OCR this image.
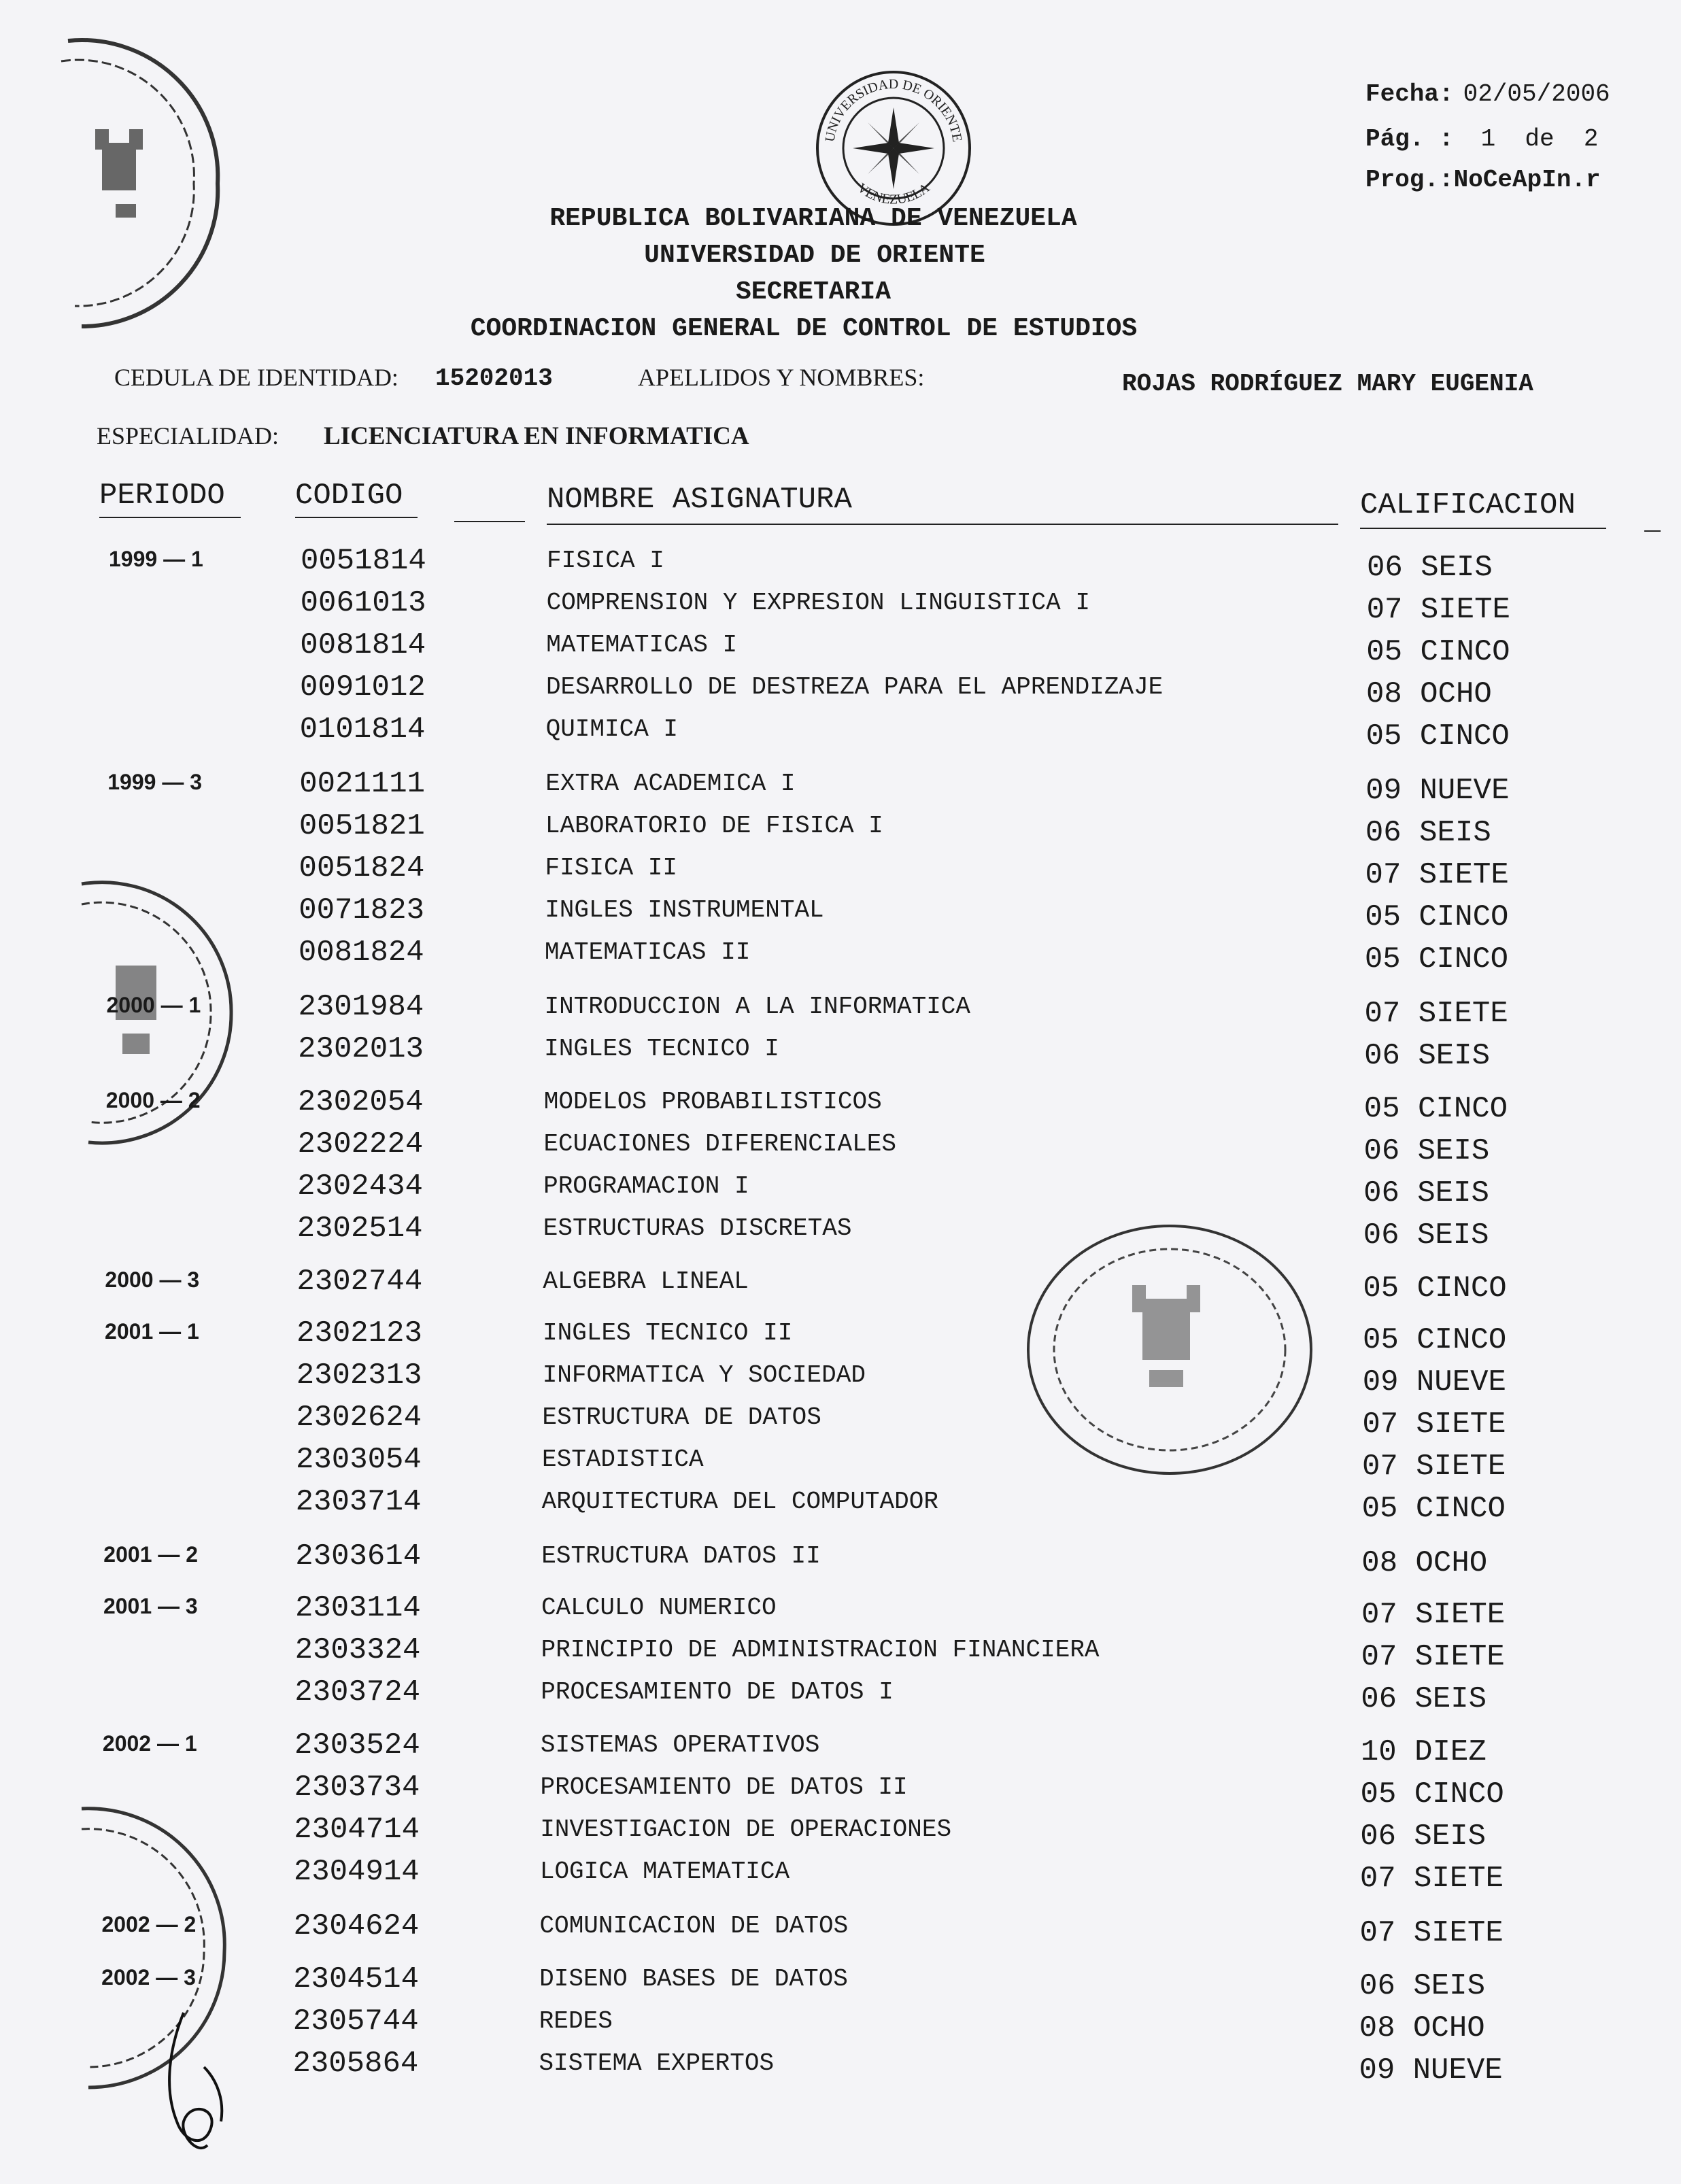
UNIVERSIDAD DE ORIENTE
VENEZUELA
Fecha: 02/05/2006
Pág. : 1  de  2
Prog.:NoCeApIn.r
REPUBLICA BOLIVARIANA DE VENEZUELA
UNIVERSIDAD DE ORIENTE
SECRETARIA
COORDINACION GENERAL DE CONTROL DE ESTUDIOS
CEDULA DE IDENTIDAD: 15202013	APELLIDOS Y NOMBRES:	ROJAS RODRÍGUEZ MARY EUGENIA
ESPECIALIDAD: LICENCIATURA EN INFORMATICA
PERIODO CODIGO	NOMBRE ASIGNATURA	CALIFICACION
1999 — 1	0051814	FISICA I	06 SEIS
0061013	COMPRENSION Y EXPRESION LINGUISTICA I	07 SIETE
0081814	MATEMATICAS I	05 CINCO
0091012	DESARROLLO DE DESTREZA PARA EL APRENDIZAJE	08 OCHO
0101814	QUIMICA I	05 CINCO
1999 — 3	0021111	EXTRA ACADEMICA I	09 NUEVE
0051821	LABORATORIO DE FISICA I	06 SEIS
0051824	FISICA II	07 SIETE
0071823	INGLES INSTRUMENTAL	05 CINCO
0081824	MATEMATICAS II	05 CINCO
2000 — 1	2301984	INTRODUCCION A LA INFORMATICA	07 SIETE
2302013	INGLES TECNICO I	06 SEIS
2000 — 2	2302054	MODELOS PROBABILISTICOS	05 CINCO
2302224	ECUACIONES DIFERENCIALES	06 SEIS
2302434	PROGRAMACION I	06 SEIS
2302514	ESTRUCTURAS DISCRETAS	06 SEIS
2000 — 3	2302744	ALGEBRA LINEAL	05 CINCO
2001 — 1	2302123	INGLES TECNICO II	05 CINCO
2302313	INFORMATICA Y SOCIEDAD	09 NUEVE
2302624	ESTRUCTURA DE DATOS	07 SIETE
2303054	ESTADISTICA	07 SIETE
2303714	ARQUITECTURA DEL COMPUTADOR	05 CINCO
2001 — 2	2303614	ESTRUCTURA DATOS II	08 OCHO
2001 — 3	2303114	CALCULO NUMERICO	07 SIETE
2303324	PRINCIPIO DE ADMINISTRACION FINANCIERA	07 SIETE
2303724	PROCESAMIENTO DE DATOS I	06 SEIS
2002 — 1	2303524	SISTEMAS OPERATIVOS	10 DIEZ
2303734	PROCESAMIENTO DE DATOS II	05 CINCO
2304714	INVESTIGACION DE OPERACIONES	06 SEIS
2304914	LOGICA MATEMATICA	07 SIETE
2002 — 2	2304624	COMUNICACION DE DATOS	07 SIETE
2002 — 3	2304514	DISENO BASES DE DATOS	06 SEIS
2305744	REDES	08 OCHO
2305864	SISTEMA EXPERTOS	09 NUEVE
